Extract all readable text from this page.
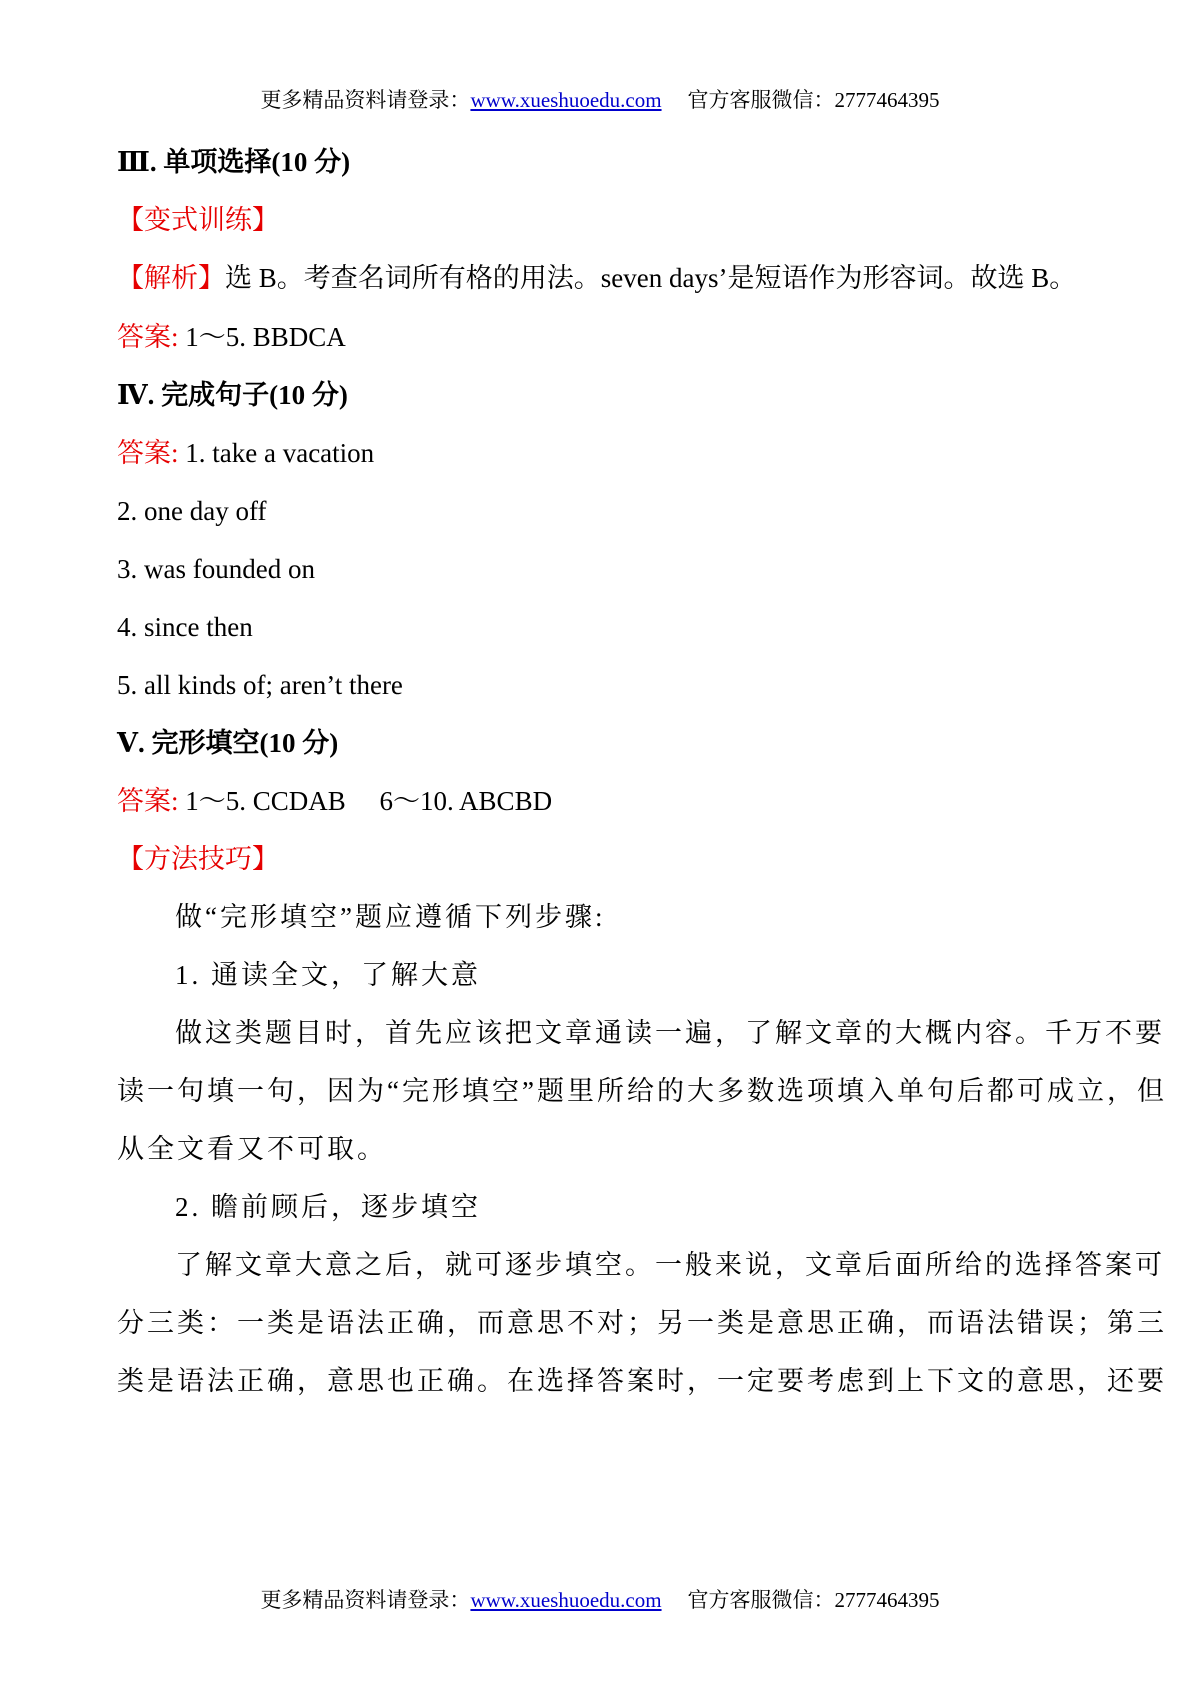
更多精品资料请登录：www.xueshuoedu.com 官方客服微信：2777464395
Ⅲ. 单项选择(10 分)
【变式训练】
【解析】选 B。考查名词所有格的用法。seven days’是短语作为形容词。故选 B。
答案: 1～5. BBDCA
Ⅳ. 完成句子(10 分)
答案: 1. take a vacation
2. one day off
3. was founded on
4. since then
5. all kinds of; aren’t there
Ⅴ. 完形填空(10 分)
答案: 1～5. CCDAB　 6～10. ABCBD
【方法技巧】
做“完形填空”题应遵循下列步骤:
1. 通读全文，了解大意
做这类题目时，首先应该把文章通读一遍，了解文章的大概内容。千万不要
读一句填一句，因为“完形填空”题里所给的大多数选项填入单句后都可成立，但
从全文看又不可取。
2. 瞻前顾后，逐步填空
了解文章大意之后，就可逐步填空。一般来说，文章后面所给的选择答案可
分三类：一类是语法正确，而意思不对；另一类是意思正确，而语法错误；第三
类是语法正确，意思也正确。在选择答案时，一定要考虑到上下文的意思，还要
更多精品资料请登录：www.xueshuoedu.com 官方客服微信：2777464395
